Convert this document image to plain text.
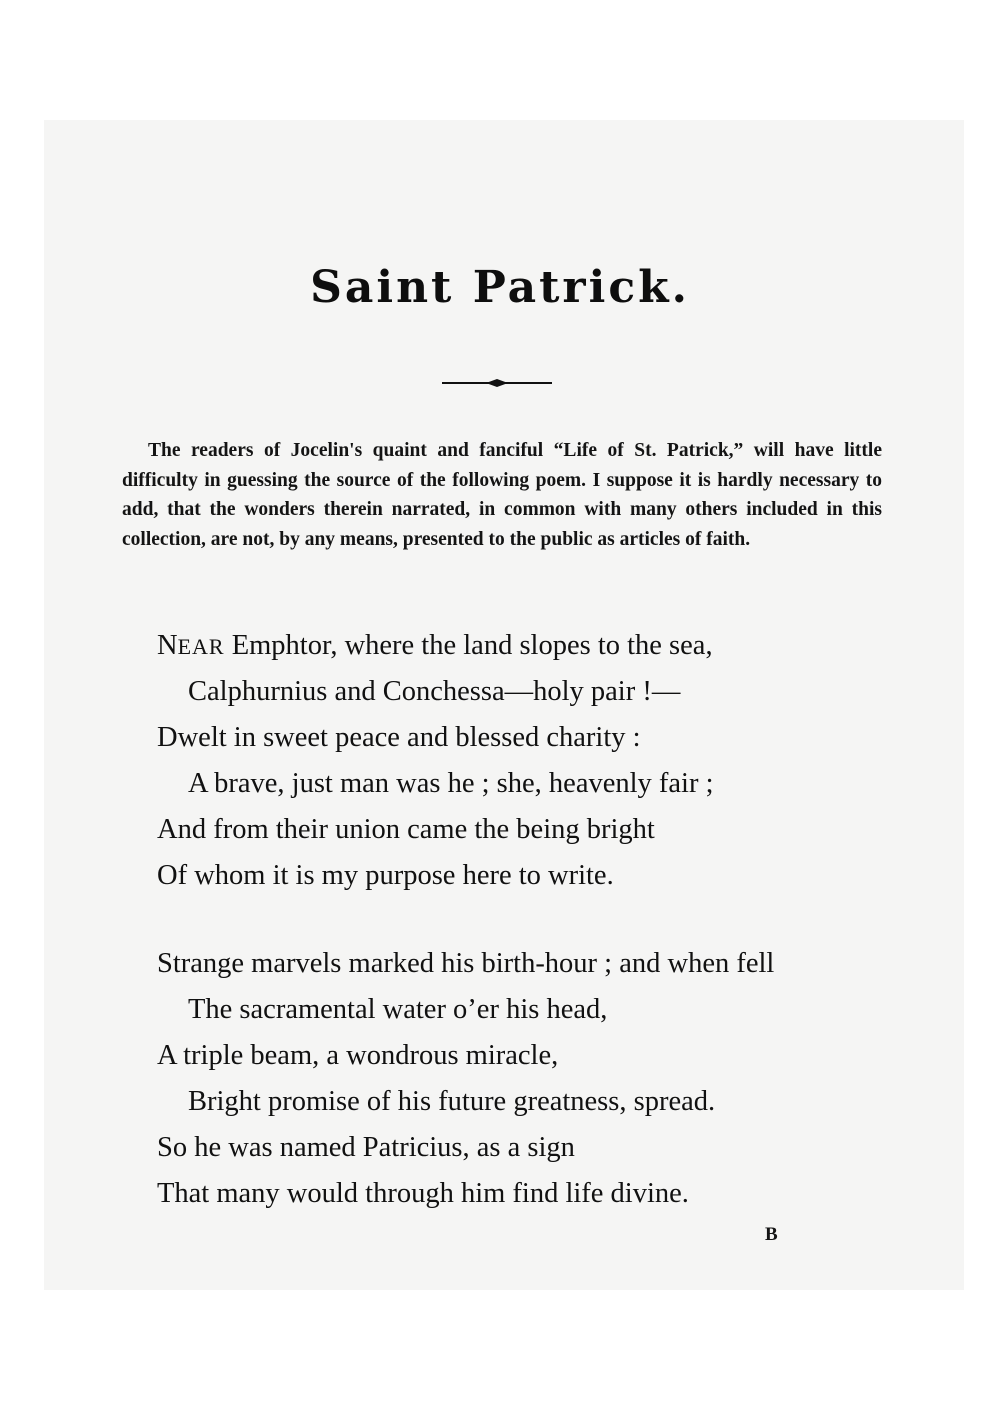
Saint Patrick.

The readers of Jocelin's quaint and fanciful “Life of St. Patrick,” will have little difficulty in guessing the source of the following poem. I suppose it is hardly necessary to add, that the wonders therein narrated, in common with many others included in this collection, are not, by any means, presented to the public as articles of faith.

NEAR Emphtor, where the land slopes to the sea,
Calphurnius and Conchessa—holy pair !—
Dwelt in sweet peace and blessed charity :
A brave, just man was he ; she, heavenly fair ;
And from their union came the being bright
Of whom it is my purpose here to write.
Strange marvels marked his birth-hour ; and when fell
The sacramental water o’er his head,
A triple beam, a wondrous miracle,
Bright promise of his future greatness, spread.
So he was named Patricius, as a sign
That many would through him find life divine.
B
